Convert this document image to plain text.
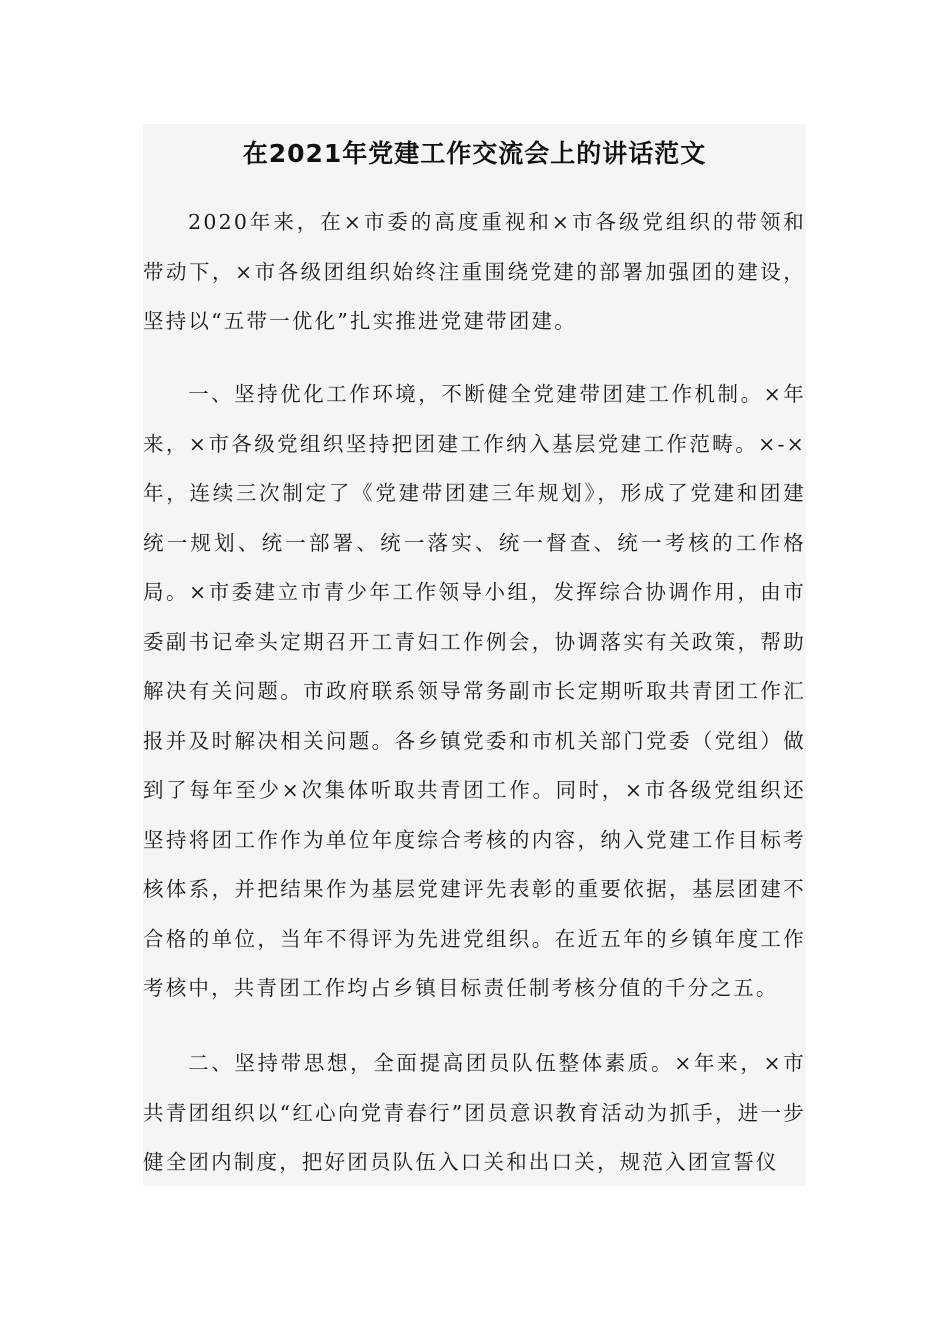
在2021年党建工作交流会上的讲话范文

2020年来，在×市委的高度重视和×市各级党组织的带领和带动下，×市各级团组织始终注重围绕党建的部署加强团的建设，坚持以“五带一优化”扎实推进党建带团建。

一、坚持优化工作环境，不断健全党建带团建工作机制。×年来，×市各级党组织坚持把团建工作纳入基层党建工作范畴。×-×年，连续三次制定了《党建带团建三年规划》，形成了党建和团建统一规划、统一部署、统一落实、统一督查、统一考核的工作格局。×市委建立市青少年工作领导小组，发挥综合协调作用，由市委副书记牵头定期召开工青妇工作例会，协调落实有关政策，帮助解决有关问题。市政府联系领导常务副市长定期听取共青团工作汇报并及时解决相关问题。各乡镇党委和市机关部门党委（党组）做到了每年至少×次集体听取共青团工作。同时，×市各级党组织还坚持将团工作作为单位年度综合考核的内容，纳入党建工作目标考核体系，并把结果作为基层党建评先表彰的重要依据，基层团建不合格的单位，当年不得评为先进党组织。在近五年的乡镇年度工作考核中，共青团工作均占乡镇目标责任制考核分值的千分之五。

二、坚持带思想，全面提高团员队伍整体素质。×年来，×市共青团组织以“红心向党青春行”团员意识教育活动为抓手，进一步健全团内制度，把好团员队伍入口关和出口关，规范入团宣誓仪
